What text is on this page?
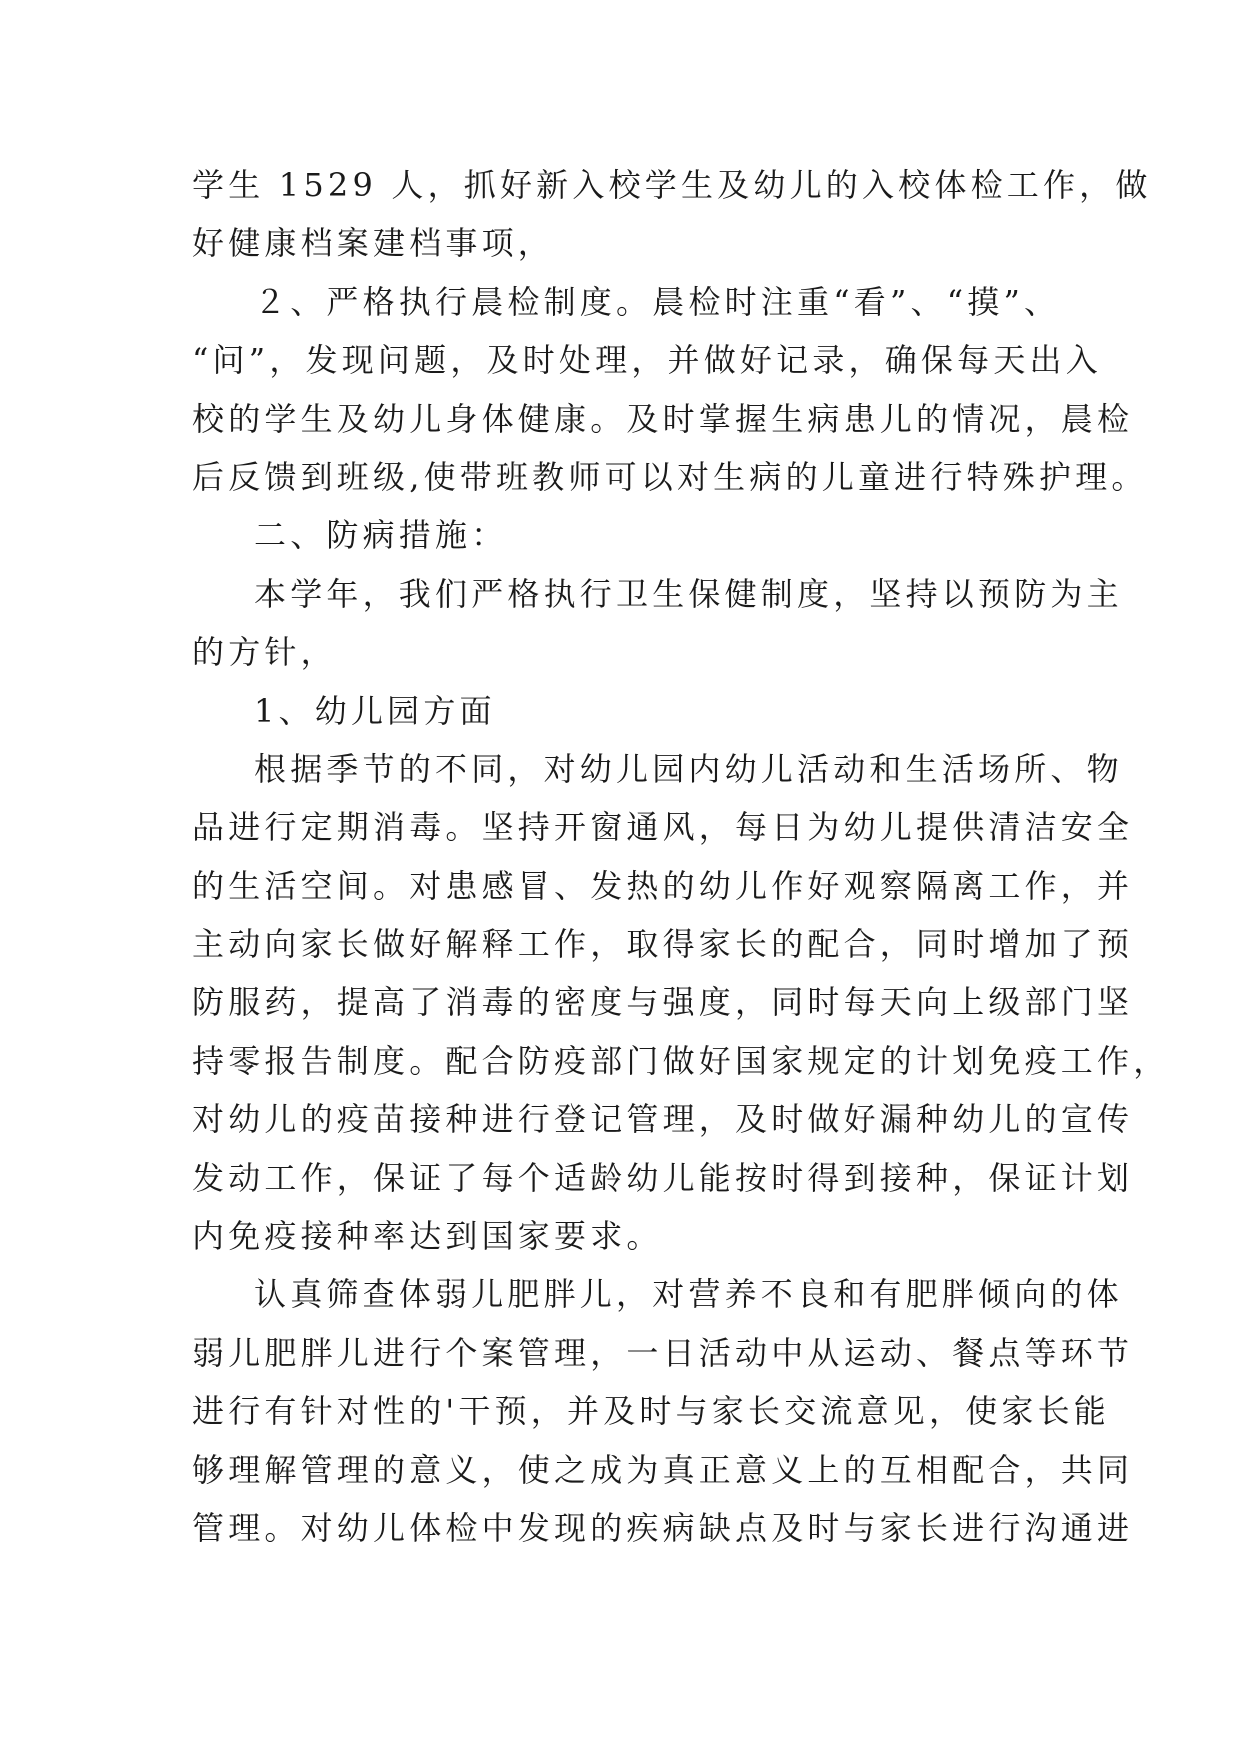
学生 1529 人，抓好新入校学生及幼儿的入校体检工作，做
好健康档案建档事项，
２、严格执行晨检制度。晨检时注重“看”、“摸”、
“问”，发现问题，及时处理，并做好记录，确保每天出入
校的学生及幼儿身体健康。及时掌握生病患儿的情况，晨检
后反馈到班级,使带班教师可以对生病的儿童进行特殊护理。
二、防病措施：
本学年，我们严格执行卫生保健制度，坚持以预防为主
的方针，
1、幼儿园方面
根据季节的不同，对幼儿园内幼儿活动和生活场所、物
品进行定期消毒。坚持开窗通风，每日为幼儿提供清洁安全
的生活空间。对患感冒、发热的幼儿作好观察隔离工作，并
主动向家长做好解释工作，取得家长的配合，同时增加了预
防服药，提高了消毒的密度与强度，同时每天向上级部门坚
持零报告制度。配合防疫部门做好国家规定的计划免疫工作，
对幼儿的疫苗接种进行登记管理，及时做好漏种幼儿的宣传
发动工作，保证了每个适龄幼儿能按时得到接种，保证计划
内免疫接种率达到国家要求。
认真筛查体弱儿肥胖儿，对营养不良和有肥胖倾向的体
弱儿肥胖儿进行个案管理，一日活动中从运动、餐点等环节
进行有针对性的'干预，并及时与家长交流意见，使家长能
够理解管理的意义，使之成为真正意义上的互相配合，共同
管理。对幼儿体检中发现的疾病缺点及时与家长进行沟通进
